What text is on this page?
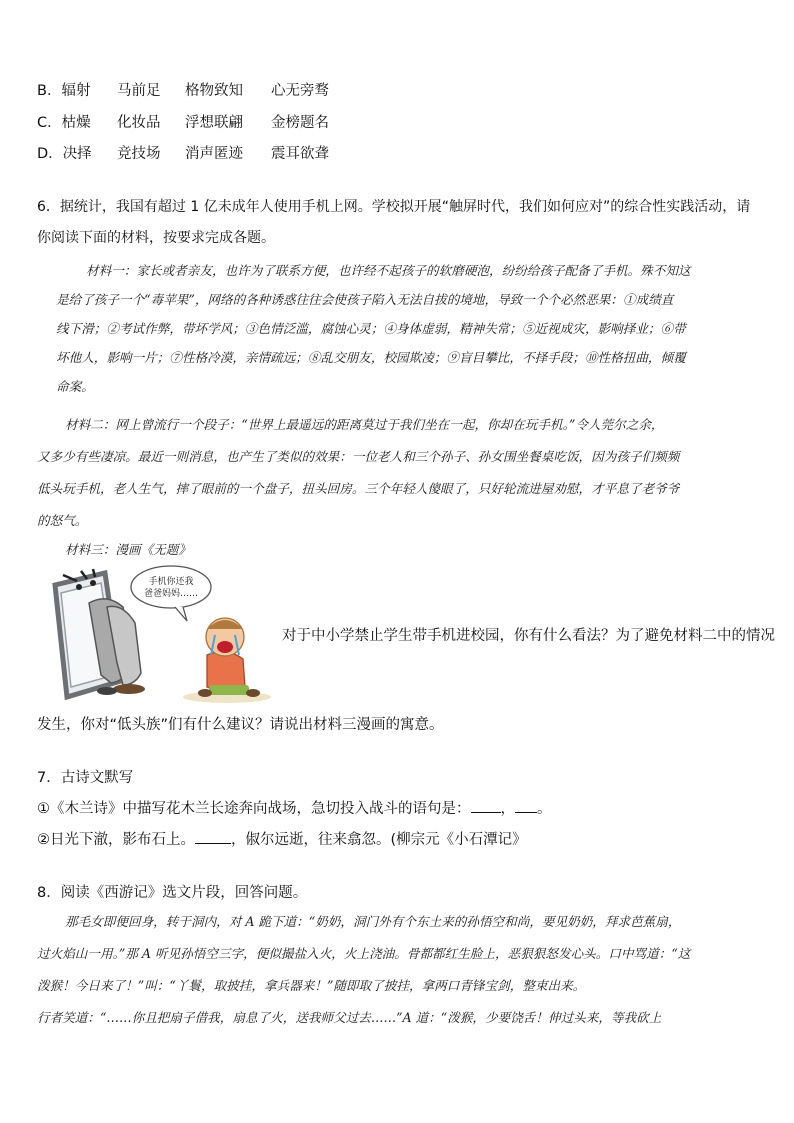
B．辐射 马前足 格物致知 心无旁骛
C．枯燥 化妆品 浮想联翩 金榜题名
D．决择 竞技场 消声匿迹 震耳欲聋

6．据统计，我国有超过 1 亿未成年人使用手机上网。学校拟开展“触屏时代，我们如何应对”的综合性实践活动，请

你阅读下面的材料，按要求完成各题。

材料一：家长或者亲友，也许为了联系方便，也许经不起孩子的软磨硬泡，纷纷给孩子配备了手机。殊不知这

是给了孩子一个“毒苹果”，网络的各种诱惑往往会使孩子陷入无法自拔的境地，导致一个个必然恶果：①成绩直

线下滑；②考试作弊，带坏学风；③色情泛滥，腐蚀心灵；④身体虚弱，精神失常；⑤近视成灾，影响择业；⑥带

坏他人，影响一片；⑦性格冷漠，亲情疏远；⑧乱交朋友，校园欺凌；⑨盲目攀比，不择手段；⑩性格扭曲，倾覆

命案。

材料二：网上曾流行一个段子：“世界上最遥远的距离莫过于我们坐在一起，你却在玩手机。”令人莞尔之余，

又多少有些凄凉。最近一则消息，也产生了类似的效果：一位老人和三个孙子、孙女围坐餐桌吃饭，因为孩子们频频

低头玩手机，老人生气，摔了眼前的一个盘子，扭头回房。三个年轻人傻眼了，只好轮流进屋劝慰，才平息了老爷爷

的怒气。

材料三：漫画《无题》
手机你还我
爸爸妈妈……
对于中小学禁止学生带手机进校园，你有什么看法？为了避免材料二中的情况
发生，你对“低头族”们有什么建议？请说出材料三漫画的寓意。

7．古诗文默写

①《木兰诗》中描写花木兰长途奔向战场，急切投入战斗的语句是： ， 。

②日光下澈，影布石上。 ，俶尔远逝，往来翕忽。(柳宗元《小石潭记》

8．阅读《西游记》选文片段，回答问题。

那毛女即便回身，转于洞内，对 A 跪下道：“奶奶，洞门外有个东土来的孙悟空和尚，要见奶奶，拜求芭蕉扇，

过火焰山一用。”那 A 听见孙悟空三字，便似撮盐入火，火上浇油。骨都都红生脸上，恶狠狠怒发心头。口中骂道：“这

泼猴！今日来了！”叫：“丫鬟，取披挂，拿兵器来！”随即取了披挂，拿两口青锋宝剑，整束出来。

行者笑道：“……你且把扇子借我，扇息了火，送我师父过去……”A 道：“泼猴，少要饶舌！伸过头来，等我砍上
